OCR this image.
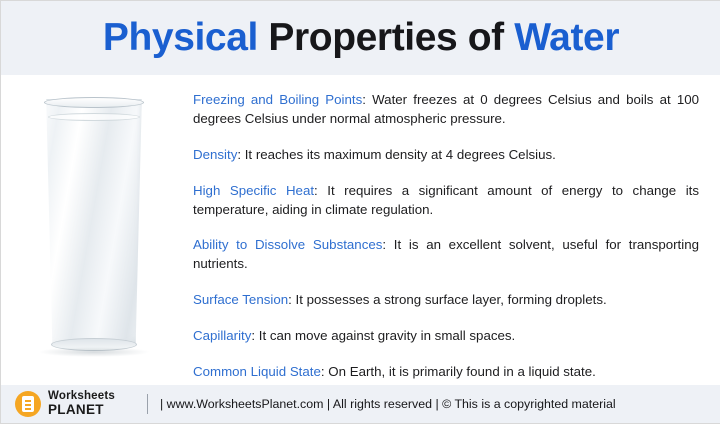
Physical Properties of Water

Freezing and Boiling Points: Water freezes at 0 degrees Celsius and boils at 100 degrees Celsius under normal atmospheric pressure.

Density: It reaches its maximum density at 4 degrees Celsius.

High Specific Heat: It requires a significant amount of energy to change its temperature, aiding in climate regulation.

Ability to Dissolve Substances: It is an excellent solvent, useful for transporting nutrients.

Surface Tension: It possesses a strong surface layer, forming droplets.

Capillarity: It can move against gravity in small spaces.

Common Liquid State: On Earth, it is primarily found in a liquid state.

Worksheets
PLANET	| www.WorksheetsPlanet.com | All rights reserved | © This is a copyrighted material
